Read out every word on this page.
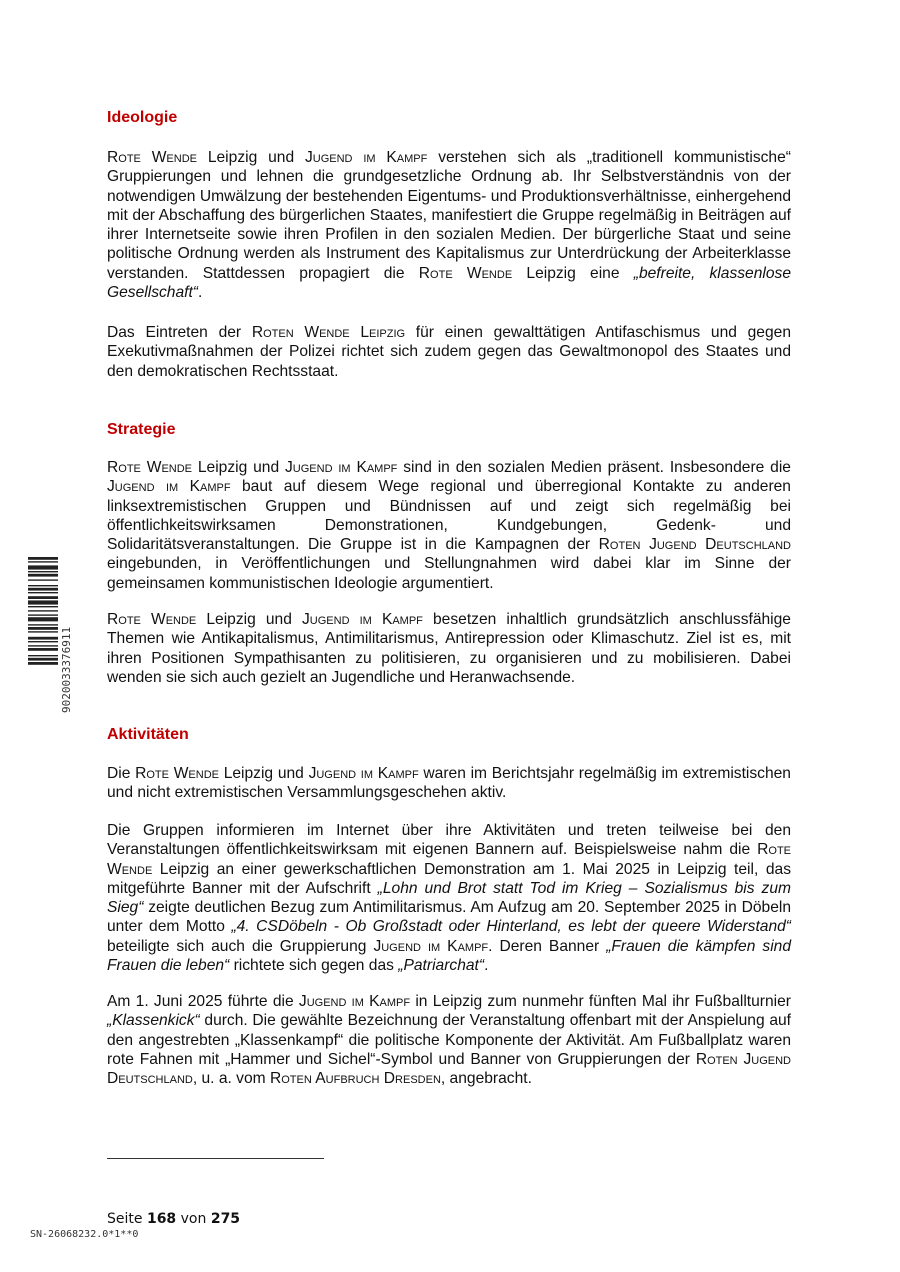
Ideologie

Rote Wende Leipzig und Jugend im Kampf verstehen sich als „traditionell kommunistische“ Gruppierungen und lehnen die grundgesetzliche Ordnung ab. Ihr Selbstverständnis von der notwendigen Umwälzung der bestehenden Eigentums- und Produktionsverhältnisse, einhergehend mit der Abschaffung des bürgerlichen Staates, manifestiert die Gruppe regelmäßig in Beiträgen auf ihrer Internetseite sowie ihren Profilen in den sozialen Medien. Der bürgerliche Staat und seine politische Ordnung werden als Instrument des Kapitalismus zur Unterdrückung der Arbeiterklasse verstanden. Stattdessen propagiert die Rote Wende Leipzig eine „befreite, klassenlose Gesellschaft“.

Das Eintreten der Roten Wende Leipzig für einen gewalttätigen Antifaschismus und gegen Exekutivmaßnahmen der Polizei richtet sich zudem gegen das Gewaltmonopol des Staates und den demokratischen Rechtsstaat.

Strategie

Rote Wende Leipzig und Jugend im Kampf sind in den sozialen Medien präsent. Insbesondere die Jugend im Kampf baut auf diesem Wege regional und überregional Kontakte zu anderen linksextremistischen Gruppen und Bündnissen auf und zeigt sich regelmäßig bei öffentlichkeitswirksamen Demonstrationen, Kundgebungen, Gedenk- und Solidaritätsveranstaltungen. Die Gruppe ist in die Kampagnen der Roten Jugend Deutschland eingebunden, in Veröffentlichungen und Stellungnahmen wird dabei klar im Sinne der gemeinsamen kommunistischen Ideologie argumentiert.

Rote Wende Leipzig und Jugend im Kampf besetzen inhaltlich grundsätzlich anschlussfähige Themen wie Antikapitalismus, Antimilitarismus, Antirepression oder Klimaschutz. Ziel ist es, mit ihren Positionen Sympathisanten zu politisieren, zu organisieren und zu mobilisieren. Dabei wenden sie sich auch gezielt an Jugendliche und Heranwachsende.

Aktivitäten

Die Rote Wende Leipzig und Jugend im Kampf waren im Berichtsjahr regelmäßig im extremistischen und nicht extremistischen Versammlungsgeschehen aktiv.

Die Gruppen informieren im Internet über ihre Aktivitäten und treten teilweise bei den Veranstaltungen öffentlichkeitswirksam mit eigenen Bannern auf. Beispielsweise nahm die Rote Wende Leipzig an einer gewerkschaftlichen Demonstration am 1. Mai 2025 in Leipzig teil, das mitgeführte Banner mit der Aufschrift „Lohn und Brot statt Tod im Krieg – Sozialismus bis zum Sieg“ zeigte deutlichen Bezug zum Antimilitarismus. Am Aufzug am 20. September 2025 in Döbeln unter dem Motto „4. CSDöbeln - Ob Großstadt oder Hinterland, es lebt der queere Widerstand“ beteiligte sich auch die Gruppierung Jugend im Kampf. Deren Banner „Frauen die kämpfen sind Frauen die leben“ richtete sich gegen das „Patriarchat“.

Am 1. Juni 2025 führte die Jugend im Kampf in Leipzig zum nunmehr fünften Mal ihr Fußballturnier „Klassenkick“ durch. Die gewählte Bezeichnung der Veranstaltung offenbart mit der Anspielung auf den angestrebten „Klassenkampf“ die politische Komponente der Aktivität. Am Fußballplatz waren rote Fahnen mit „Hammer und Sichel“-Symbol und Banner von Gruppierungen der Roten Jugend Deutschland, u. a. vom Roten Aufbruch Dresden, angebracht.

Seite 168 von 275
SN-26068232.0*1**0
9020033376911
